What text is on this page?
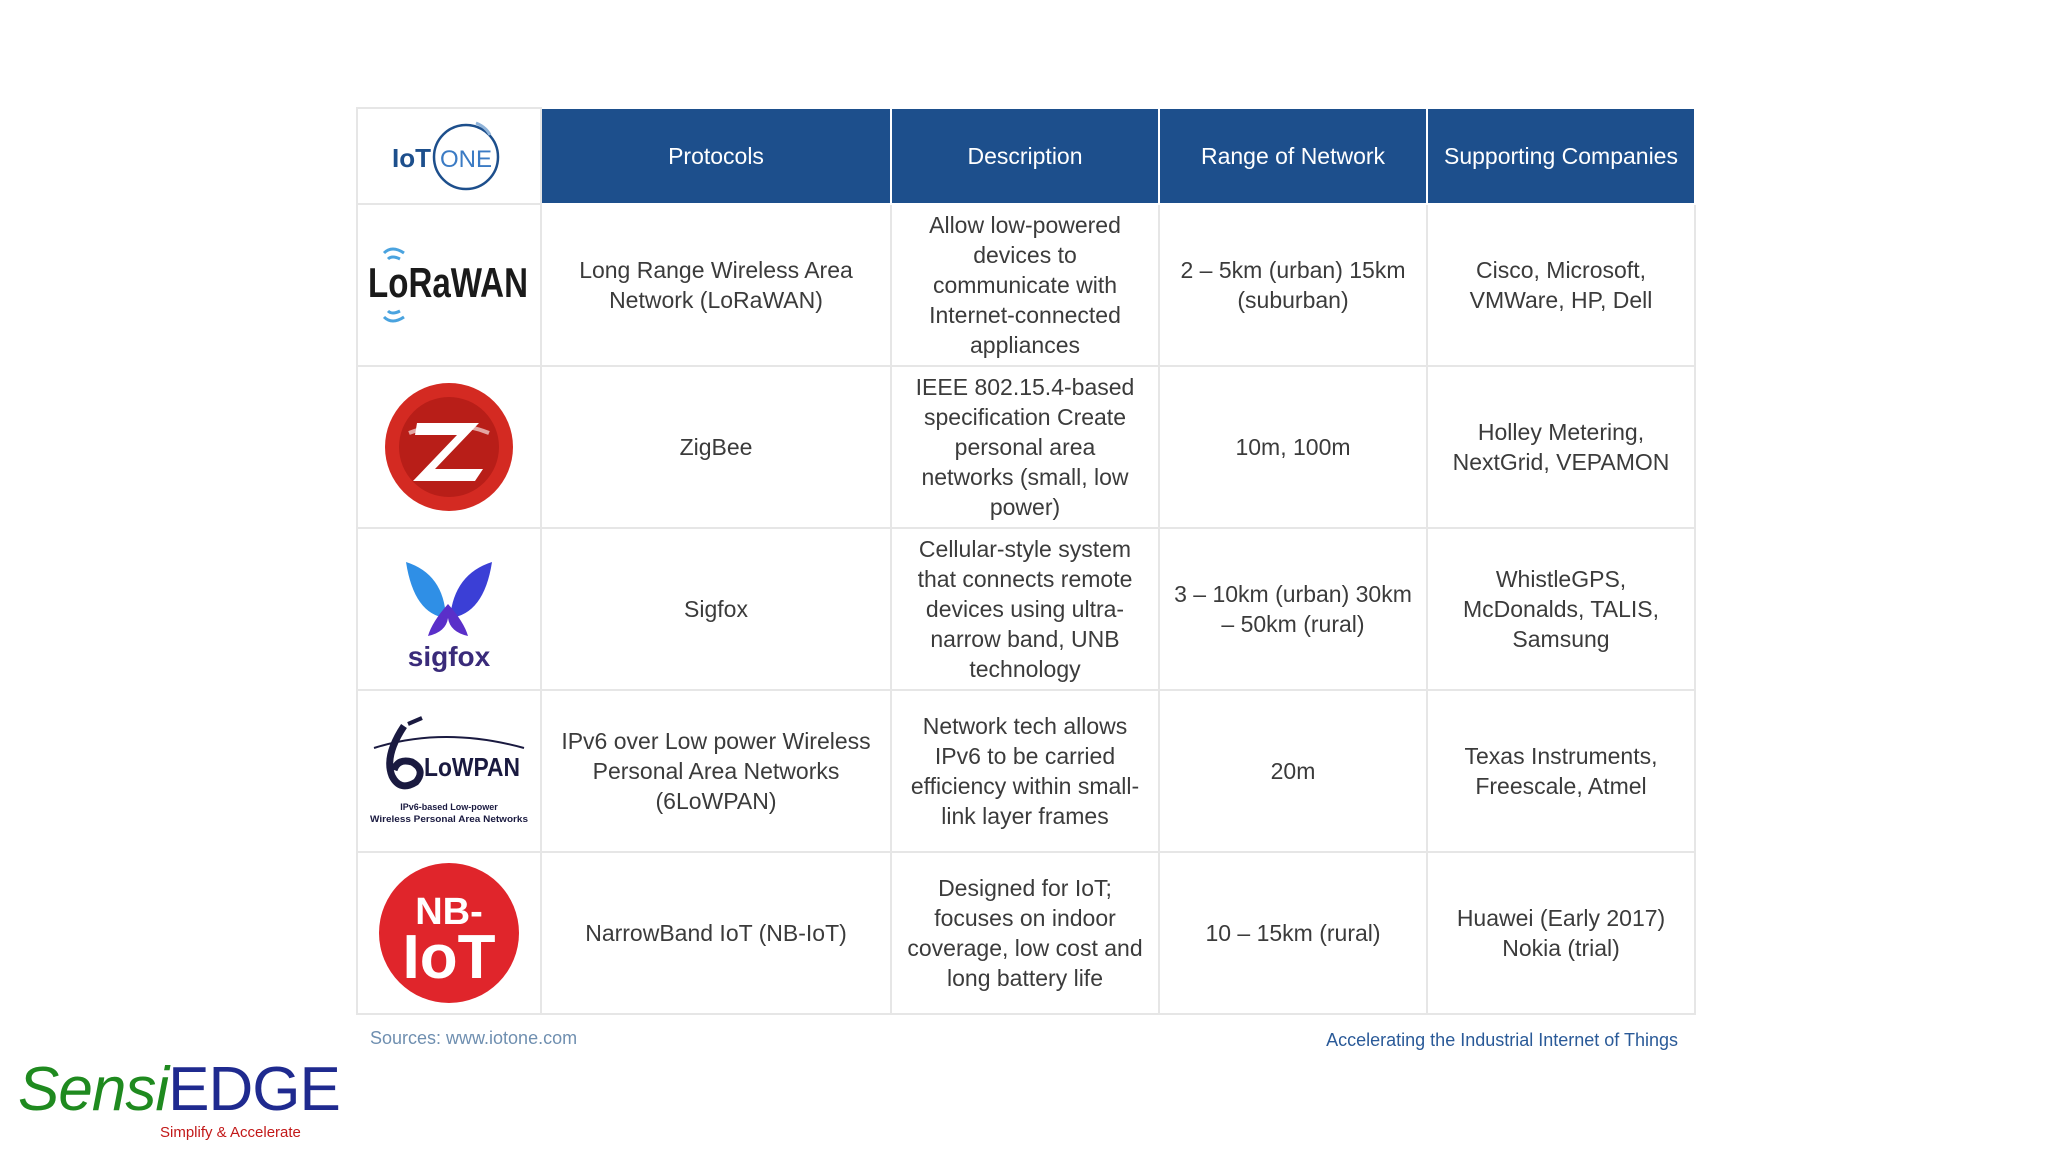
IoT ONE	Protocols	Description	Range of Network	Supporting Companies

LoRaWAN	Long Range Wireless Area Network (LoRaWAN)	Allow low-powered devices to communicate with Internet-connected appliances	2 – 5km (urban) 15km (suburban)	Cisco, Microsoft, VMWare, HP, Dell

	ZigBee	IEEE 802.15.4-based specification Create personal area networks (small, low power)	10m, 100m	Holley Metering, NextGrid, VEPAMON

sigfox	Sigfox	Cellular-style system that connects remote devices using ultra-narrow band, UNB technology	3 – 10km (urban) 30km – 50km (rural)	WhistleGPS, McDonalds, TALIS, Samsung

LoWPAN
IPv6-based Low-power
Wireless Personal Area Networks	IPv6 over Low power Wireless Personal Area Networks (6LoWPAN)	Network tech allows IPv6 to be carried efficiency within small-link layer frames	20m	Texas Instruments, Freescale, Atmel

NB-
IoT	NarrowBand IoT (NB-IoT)	Designed for IoT; focuses on indoor coverage, low cost and long battery life	10 – 15km (rural)	Huawei (Early 2017) Nokia (trial)
Sources: www.iotone.com	Accelerating the Industrial Internet of Things
SensiEDGE
Simplify & Accelerate
